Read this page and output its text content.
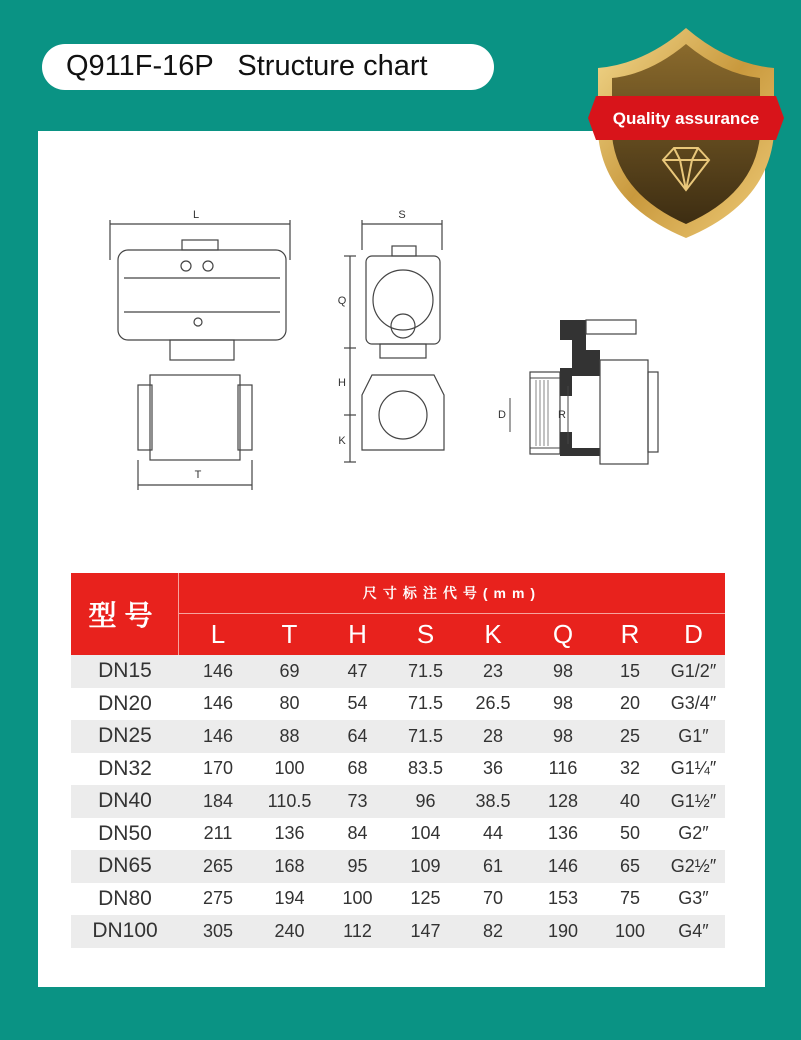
Q911F-16P   Structure chart
Quality assurance
L
T
S
Q
H
K
D	R
型号
尺寸标注代号(mm)
L	T	H	S	K	Q	R	D
DN15	146	69	47	71.5	23	98	15	G1/2″
DN20	146	80	54	71.5	26.5	98	20	G3/4″
DN25	146	88	64	71.5	28	98	25	G1″
DN32	170	100	68	83.5	36	116	32	G1¼″
DN40	184	110.5	73	96	38.5	128	40	G1½″
DN50	211	136	84	104	44	136	50	G2″
DN65	265	168	95	109	61	146	65	G2½″
DN80	275	194	100	125	70	153	75	G3″
DN100	305	240	112	147	82	190	100	G4″
